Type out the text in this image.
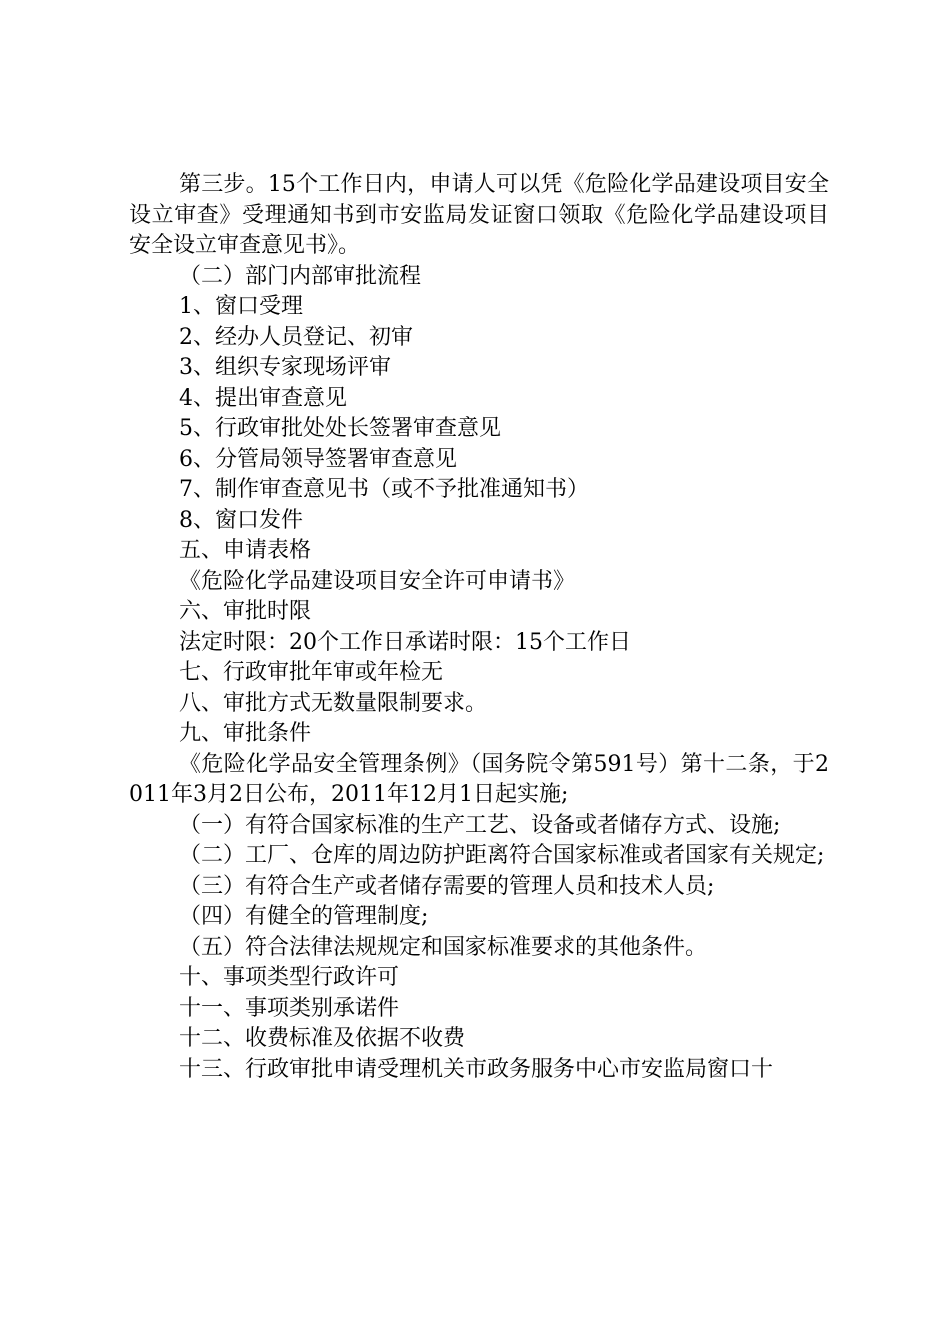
第三步。15个工作日内，申请人可以凭《危险化学品建设项目安全设立审查》受理通知书到市安监局发证窗口领取《危险化学品建设项目安全设立审查意见书》。

（二）部门内部审批流程

1、窗口受理

2、经办人员登记、初审

3、组织专家现场评审

4、提出审查意见

5、行政审批处处长签署审查意见

6、分管局领导签署审查意见

7、制作审查意见书（或不予批准通知书）

8、窗口发件

五、申请表格

《危险化学品建设项目安全许可申请书》

六、审批时限

法定时限：20个工作日承诺时限：15个工作日

七、行政审批年审或年检无

八、审批方式无数量限制要求。

九、审批条件

《危险化学品安全管理条例》（国务院令第591号）第十二条，于2011年3月2日公布，2011年12月1日起实施;

（一）有符合国家标准的生产工艺、设备或者储存方式、设施;

（二）工厂、仓库的周边防护距离符合国家标准或者国家有关规定;

（三）有符合生产或者储存需要的管理人员和技术人员;

（四）有健全的管理制度;

（五）符合法律法规规定和国家标准要求的其他条件。

十、事项类型行政许可

十一、事项类别承诺件

十二、收费标准及依据不收费

十三、行政审批申请受理机关市政务服务中心市安监局窗口十
